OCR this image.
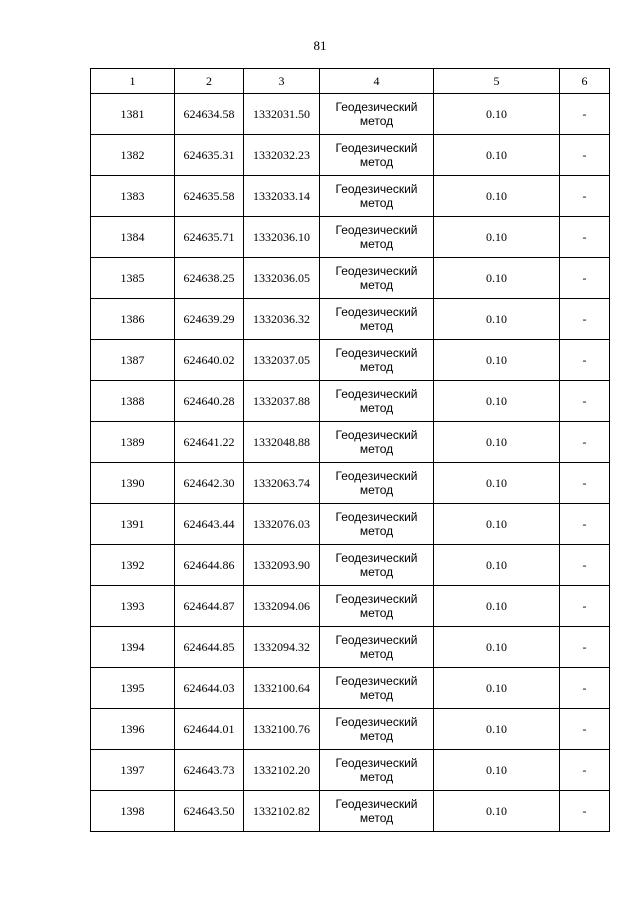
81
1	2	3	4	5	6
1381	624634.58	1332031.50	Геодезический метод	0.10	-
1382	624635.31	1332032.23	Геодезический метод	0.10	-
1383	624635.58	1332033.14	Геодезический метод	0.10	-
1384	624635.71	1332036.10	Геодезический метод	0.10	-
1385	624638.25	1332036.05	Геодезический метод	0.10	-
1386	624639.29	1332036.32	Геодезический метод	0.10	-
1387	624640.02	1332037.05	Геодезический метод	0.10	-
1388	624640.28	1332037.88	Геодезический метод	0.10	-
1389	624641.22	1332048.88	Геодезический метод	0.10	-
1390	624642.30	1332063.74	Геодезический метод	0.10	-
1391	624643.44	1332076.03	Геодезический метод	0.10	-
1392	624644.86	1332093.90	Геодезический метод	0.10	-
1393	624644.87	1332094.06	Геодезический метод	0.10	-
1394	624644.85	1332094.32	Геодезический метод	0.10	-
1395	624644.03	1332100.64	Геодезический метод	0.10	-
1396	624644.01	1332100.76	Геодезический метод	0.10	-
1397	624643.73	1332102.20	Геодезический метод	0.10	-
1398	624643.50	1332102.82	Геодезический метод	0.10	-
